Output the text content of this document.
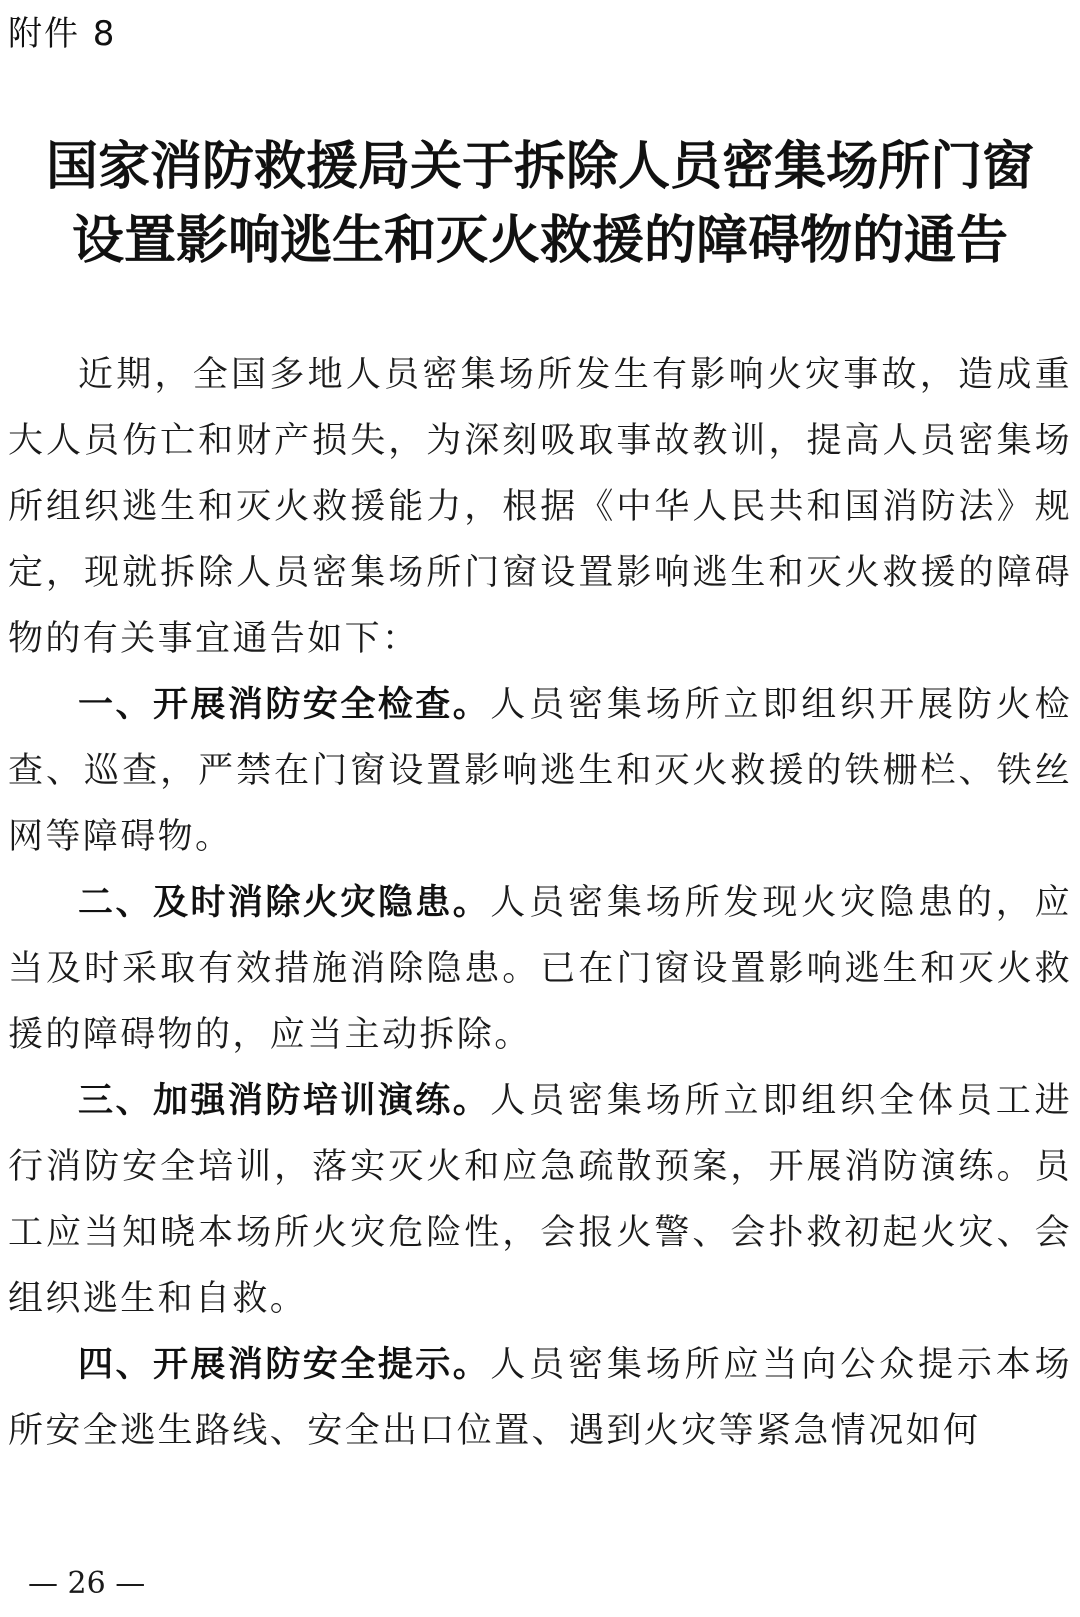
附件 8
国家消防救援局关于拆除人员密集场所门窗
设置影响逃生和灭火救援的障碍物的通告

近期，全国多地人员密集场所发生有影响火灾事故，造成重大人员伤亡和财产损失，为深刻吸取事故教训，提高人员密集场所组织逃生和灭火救援能力，根据《中华人民共和国消防法》规定，现就拆除人员密集场所门窗设置影响逃生和灭火救援的障碍物的有关事宜通告如下：

一、开展消防安全检查。人员密集场所立即组织开展防火检查、巡查，严禁在门窗设置影响逃生和灭火救援的铁栅栏、铁丝网等障碍物。

二、及时消除火灾隐患。人员密集场所发现火灾隐患的，应当及时采取有效措施消除隐患。已在门窗设置影响逃生和灭火救援的障碍物的，应当主动拆除。

三、加强消防培训演练。人员密集场所立即组织全体员工进行消防安全培训，落实灭火和应急疏散预案，开展消防演练。员工应当知晓本场所火灾危险性，会报火警、会扑救初起火灾、会组织逃生和自救。

四、开展消防安全提示。人员密集场所应当向公众提示本场所安全逃生路线、安全出口位置、遇到火灾等紧急情况如何

— 26 —
